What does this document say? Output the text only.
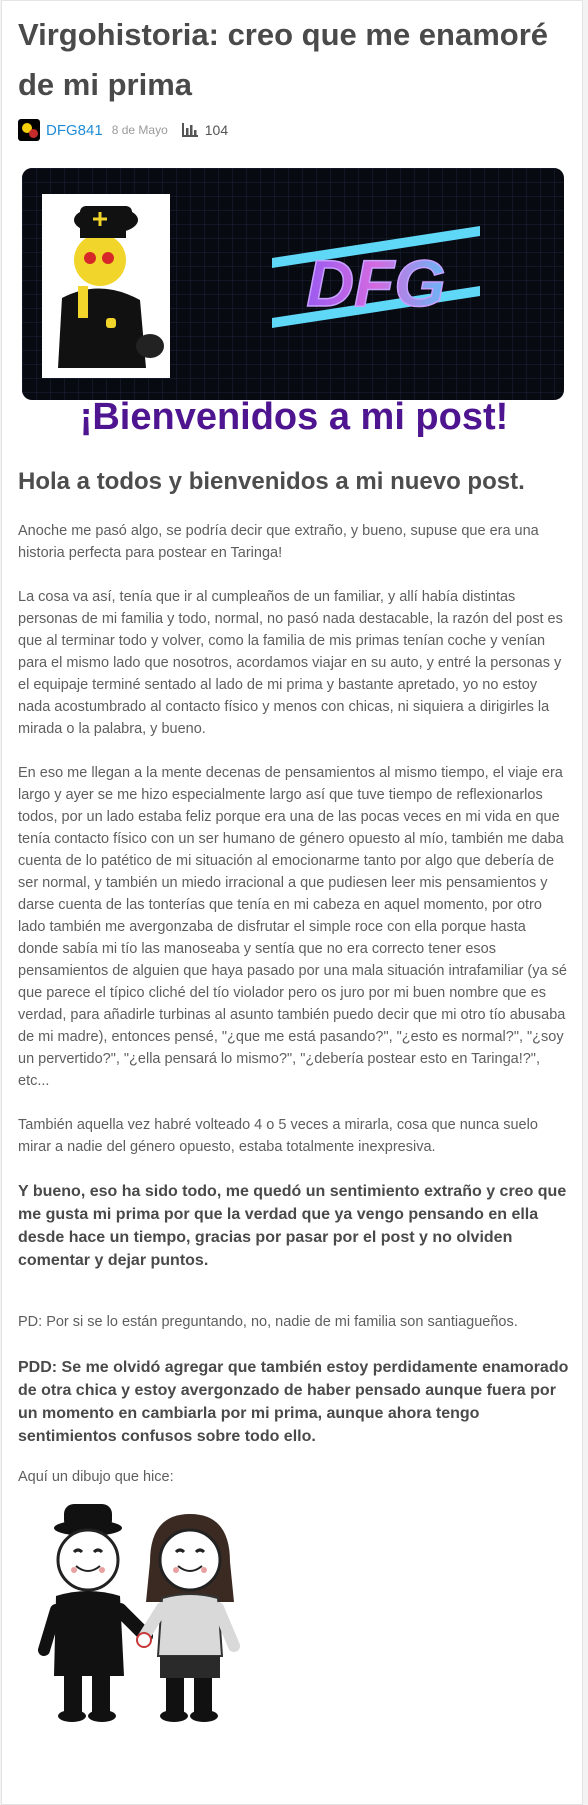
Virgohistoria: creo que me enamoré de mi prima
DFG841 8 de Mayo	104
DFG
¡Bienvenidos a mi post!
Hola a todos y bienvenidos a mi nuevo post.

Anoche me pasó algo, se podría decir que extraño, y bueno, supuse que era una historia perfecta para postear en Taringa!

La cosa va así, tenía que ir al cumpleaños de un familiar, y allí había distintas personas de mi familia y todo, normal, no pasó nada destacable, la razón del post es que al terminar todo y volver, como la familia de mis primas tenían coche y venían para el mismo lado que nosotros, acordamos viajar en su auto, y entré la personas y el equipaje terminé sentado al lado de mi prima y bastante apretado, yo no estoy nada acostumbrado al contacto físico y menos con chicas, ni siquiera a dirigirles la mirada o la palabra, y bueno.

En eso me llegan a la mente decenas de pensamientos al mismo tiempo, el viaje era largo y ayer se me hizo especialmente largo así que tuve tiempo de reflexionarlos todos, por un lado estaba feliz porque era una de las pocas veces en mi vida en que tenía contacto físico con un ser humano de género opuesto al mío, también me daba cuenta de lo patético de mi situación al emocionarme tanto por algo que debería de ser normal, y también un miedo irracional a que pudiesen leer mis pensamientos y darse cuenta de las tonterías que tenía en mi cabeza en aquel momento, por otro lado también me avergonzaba de disfrutar el simple roce con ella porque hasta donde sabía mi tío las manoseaba y sentía que no era correcto tener esos pensamientos de alguien que haya pasado por una mala situación intrafamiliar (ya sé que parece el típico cliché del tío violador pero os juro por mi buen nombre que es verdad, para añadirle turbinas al asunto también puedo decir que mi otro tío abusaba de mi madre), entonces pensé, "¿que me está pasando?", "¿esto es normal?", "¿soy un pervertido?", "¿ella pensará lo mismo?", "¿debería postear esto en Taringa!?", etc...

También aquella vez habré volteado 4 o 5 veces a mirarla, cosa que nunca suelo mirar a nadie del género opuesto, estaba totalmente inexpresiva.

Y bueno, eso ha sido todo, me quedó un sentimiento extraño y creo que me gusta mi prima por que la verdad que ya vengo pensando en ella desde hace un tiempo, gracias por pasar por el post y no olviden comentar y dejar puntos.

PD: Por si se lo están preguntando, no, nadie de mi familia son santiagueños.

PDD: Se me olvidó agregar que también estoy perdidamente enamorado de otra chica y estoy avergonzado de haber pensado aunque fuera por un momento en cambiarla por mi prima, aunque ahora tengo sentimientos confusos sobre todo ello.

Aquí un dibujo que hice:
